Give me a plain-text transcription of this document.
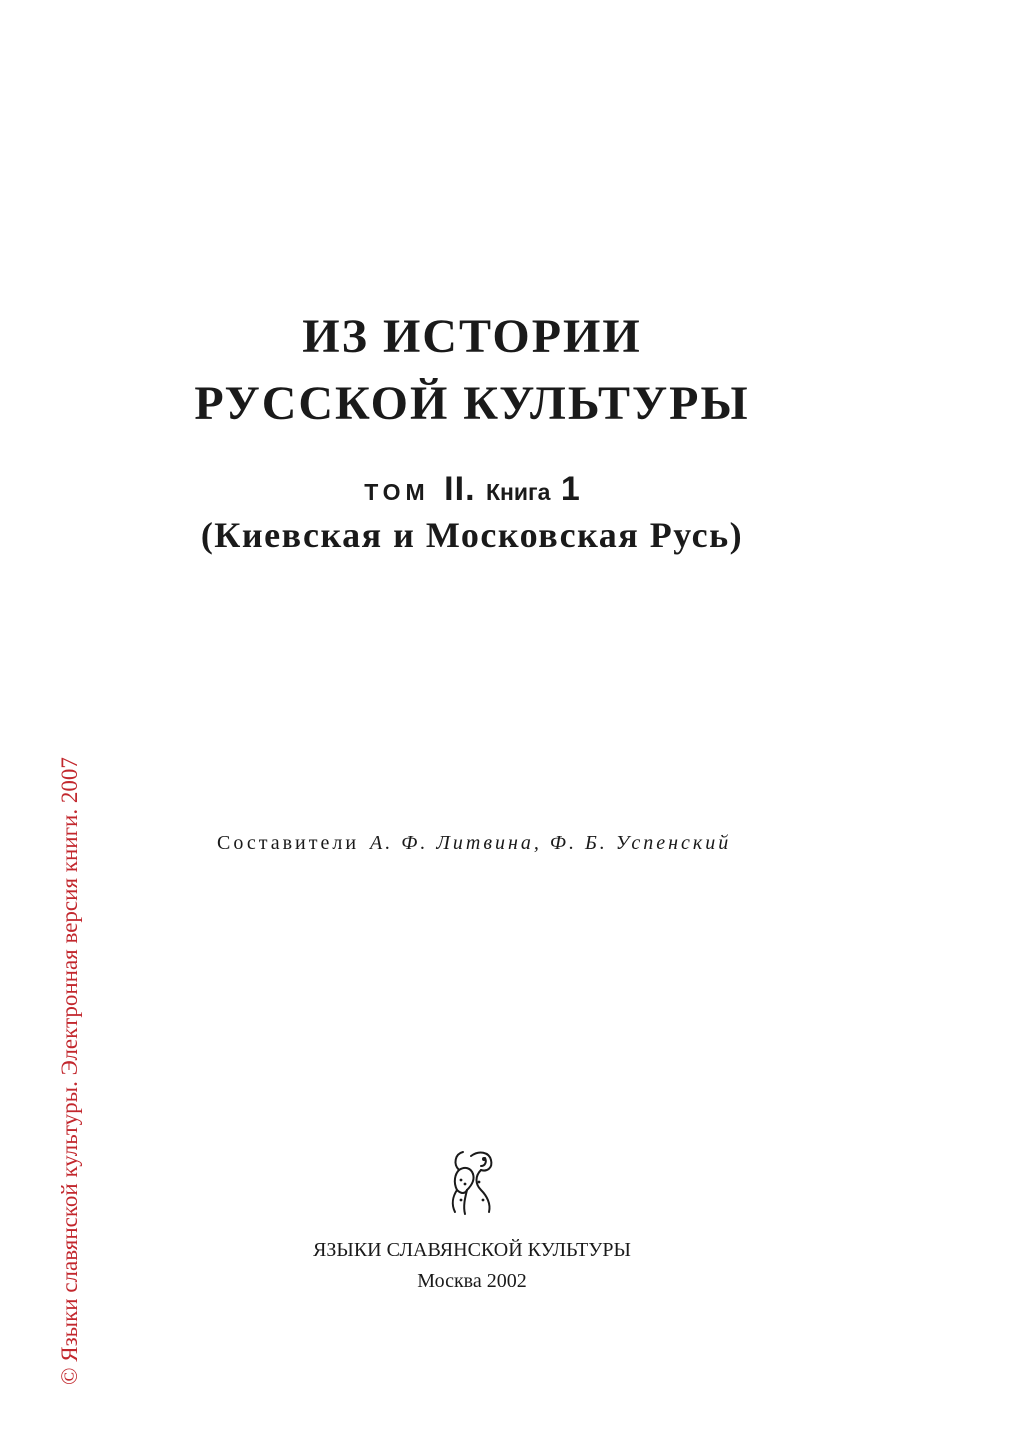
ИЗ ИСТОРИИ
РУССКОЙ КУЛЬТУРЫ
ТОМ II. Книга 1
(Киевская и Московская Русь)
Составители А. Ф. Литвина, Ф. Б. Успенский
ЯЗЫКИ СЛАВЯНСКОЙ КУЛЬТУРЫ
Москва 2002
© Языки славянской культуры. Электронная версия книги. 2007
